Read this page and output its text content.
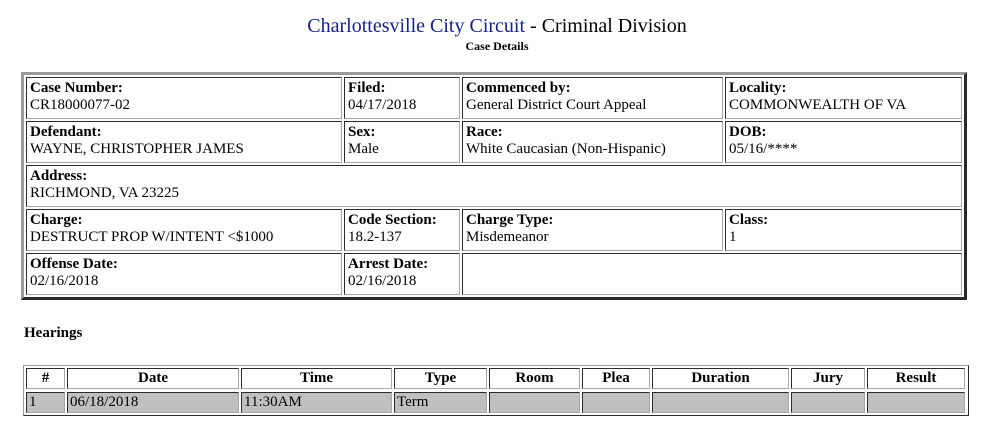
Charlottesville City Circuit - Criminal Division
Case Details
Case Number:
CR18000077-02
Filed:
04/17/2018
Commenced by:
General District Court Appeal
Locality:
COMMONWEALTH OF VA
Defendant:
WAYNE, CHRISTOPHER JAMES
Sex:
Male
Race:
White Caucasian (Non-Hispanic)
DOB:
05/16/****
Address:
RICHMOND, VA 23225
Charge:
DESTRUCT PROP W/INTENT <$1000
Code Section:
18.2-137
Charge Type:
Misdemeanor
Class:
1
Offense Date:
02/16/2018
Arrest Date:
02/16/2018
Hearings
#	Date	Time	Type	Room	Plea	Duration	Jury	Result
1	06/18/2018	11:30AM	Term
